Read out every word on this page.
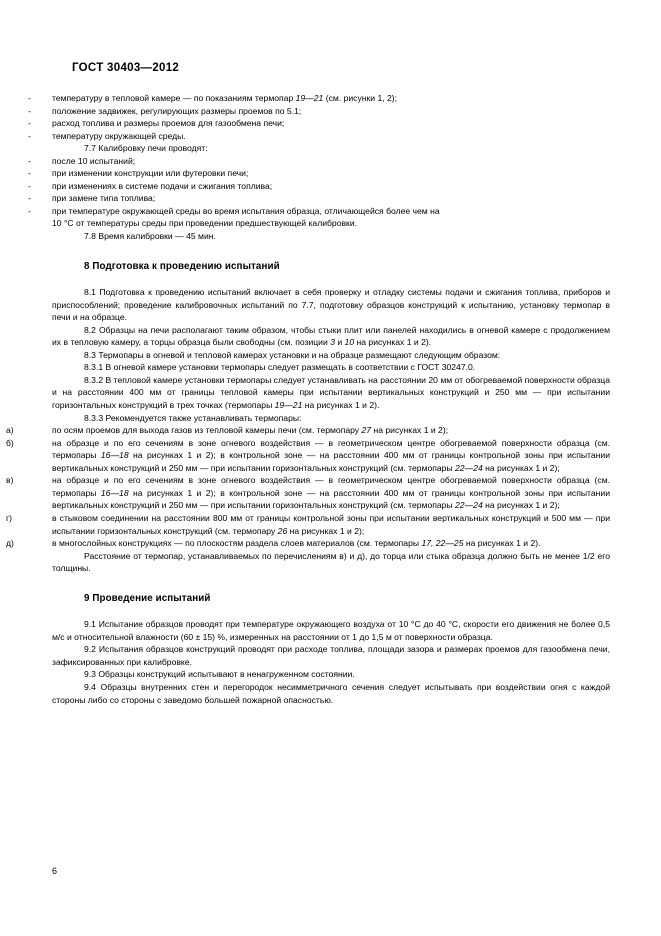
ГОСТ 30403—2012

- температуру в тепловой камере — по показаниям термопар 19—21 (см. рисунки 1, 2);

- положение задвижек, регулирующих размеры проемов по 5.1;

- расход топлива и размеры проемов для газообмена печи;

- температуру окружающей среды.

7.7 Калибровку печи проводят:

- после 10 испытаний;

- при изменении конструкции или футеровки печи;

- при изменениях в системе подачи и сжигания топлива;

- при замене типа топлива;

- при температуре окружающей среды во время испытания образца, отличающейся более чем на

10 °C от температуры среды при проведении предшествующей калибровки.

7.8 Время калибровки — 45 мин.

8 Подготовка к проведению испытаний

8.1 Подготовка к проведению испытаний включает в себя проверку и отладку системы подачи и сжигания топлива, приборов и приспособлений; проведение калибровочных испытаний по 7.7, подготовку образцов конструкций к испытанию, установку термопар в печи и на образце.

8.2 Образцы на печи располагают таким образом, чтобы стыки плит или панелей находились в огневой камере с продолжением их в тепловую камеру, а торцы образца были свободны (см. позиции 3 и 10 на рисунках 1 и 2).

8.3 Термопары в огневой и тепловой камерах установки и на образце размещают следующим образом:

8.3.1 В огневой камере установки термопары следует размещать в соответствии с ГОСТ 30247.0.

8.3.2 В тепловой камере установки термопары следует устанавливать на расстоянии 20 мм от обогреваемой поверхности образца и на расстоянии 400 мм от границы тепловой камеры при испытании вертикальных конструкций и 250 мм — при испытании горизонтальных конструкций в трех точках (термопары 19—21 на рисунках 1 и 2).

8.3.3 Рекомендуется также устанавливать термопары:

а)	по осям проемов для выхода газов из тепловой камеры печи (см. термопару 27 на рисунках 1 и 2);

б)	на образце и по его сечениям в зоне огневого воздействия — в геометрическом центре обогреваемой поверхности образца (см. термопары 16—18 на рисунках 1 и 2); в контрольной зоне — на расстоянии 400 мм от границы контрольной зоны при испытании вертикальных конструкций и 250 мм — при испытании горизонтальных конструкций (см. термопары 22—24 на рисунках 1 и 2);

в)	на образце и по его сечениям в зоне огневого воздействия — в геометрическом центре обогреваемой поверхности образца (см. термопары 16—18 на рисунках 1 и 2); в контрольной зоне — на расстоянии 400 мм от границы контрольной зоны при испытании вертикальных конструкций и 250 мм — при испытании горизонтальных конструкций (см. термопары 22—24 на рисунках 1 и 2);

г)	в стыковом соединении на расстоянии 800 мм от границы контрольной зоны при испытании вертикальных конструкций и 500 мм — при испытании горизонтальных конструкций (см. термопару 26 на рисунках 1 и 2);

д)	в многослойных конструкциях — по плоскостям раздела слоев материалов (см. термопары 17, 22—25 на рисунках 1 и 2).

Расстояние от термопар, устанавливаемых по перечислениям в) и д), до торца или стыка образца должно быть не менее 1/2 его толщины.

9 Проведение испытаний

9.1 Испытание образцов проводят при температуре окружающего воздуха от 10 °C до 40 °C, скорости его движения не более 0,5 м/с и относительной влажности (60 ± 15) %, измеренных на расстоянии от 1 до 1,5 м от поверхности образца.

9.2 Испытания образцов конструкций проводят при расходе топлива, площади зазора и размерах проемов для газообмена печи, зафиксированных при калибровке.

9.3 Образцы конструкций испытывают в ненагруженном состоянии.

9.4 Образцы внутренних стен и перегородок несимметричного сечения следует испытывать при воздействии огня с каждой стороны либо со стороны с заведомо большей пожарной опасностью.

6
